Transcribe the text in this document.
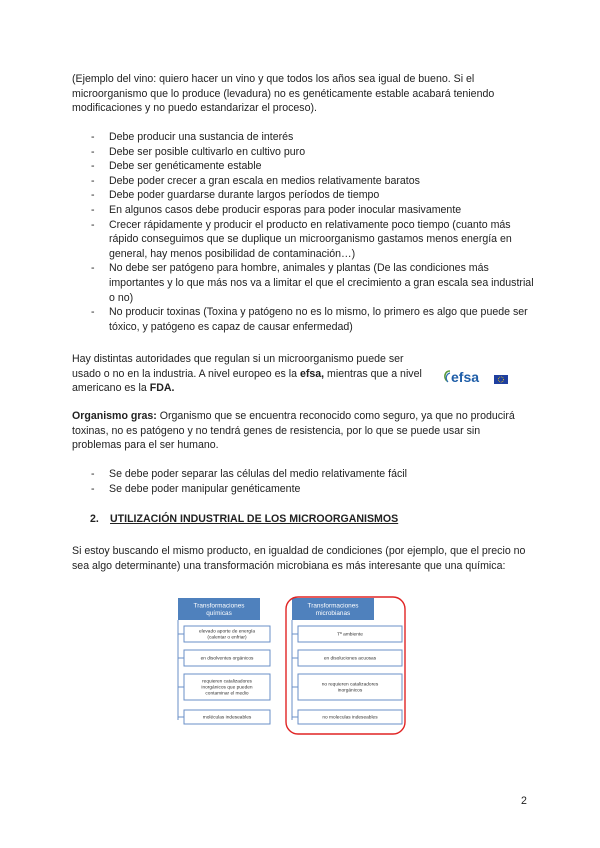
(Ejemplo del vino: quiero hacer un vino y que todos los años sea igual de bueno. Si el microorganismo que lo produce (levadura) no es genéticamente estable acabará teniendo modificaciones y no puedo estandarizar el proceso).

- Debe producir una sustancia de interés
- Debe ser posible cultivarlo en cultivo puro
- Debe ser genéticamente estable
- Debe poder crecer a gran escala en medios relativamente baratos
- Debe poder guardarse durante largos períodos de tiempo
- En algunos casos debe producir esporas para poder inocular masivamente
- Crecer rápidamente y producir el producto en relativamente poco tiempo (cuanto más rápido conseguimos que se duplique un microorganismo gastamos menos energía en general, hay menos posibilidad de contaminación…)
- No debe ser patógeno para hombre, animales y plantas (De las condiciones más importantes y lo que más nos va a limitar el que el crecimiento a gran escala sea industrial o no)
- No producir toxinas (Toxina y patógeno no es lo mismo, lo primero es algo que puede ser tóxico, y patógeno es capaz de causar enfermedad)

Hay distintas autoridades que regulan si un microorganismo puede ser usado o no en la industria. A nivel europeo es la efsa, mientras que a nivel americano es la FDA.

efsa

Organismo gras: Organismo que se encuentra reconocido como seguro, ya que no producirá toxinas, no es patógeno y no tendrá genes de resistencia, por lo que se puede usar sin problemas para el ser humano.

- Se debe poder separar las células del medio relativamente fácil
- Se debe poder manipular genéticamente
2. UTILIZACIÓN INDUSTRIAL DE LOS MICROORGANISMOS

Si estoy buscando el mismo producto, en igualdad de condiciones (por ejemplo, que el precio no sea algo determinante) una transformación microbiana es más interesante que una química:

Transformaciones químicas
Transformaciones microbianas
elevado aporte de energía (calentar o enfriar)
Tª ambiente
en disolventes orgánicos	en disoluciones acuosas
requieren catalizadores inorgánicos que pueden contaminar el medio
no requieren catalizadores inorgánicos
moléculas indeseables	no moleculas indeseables
2
